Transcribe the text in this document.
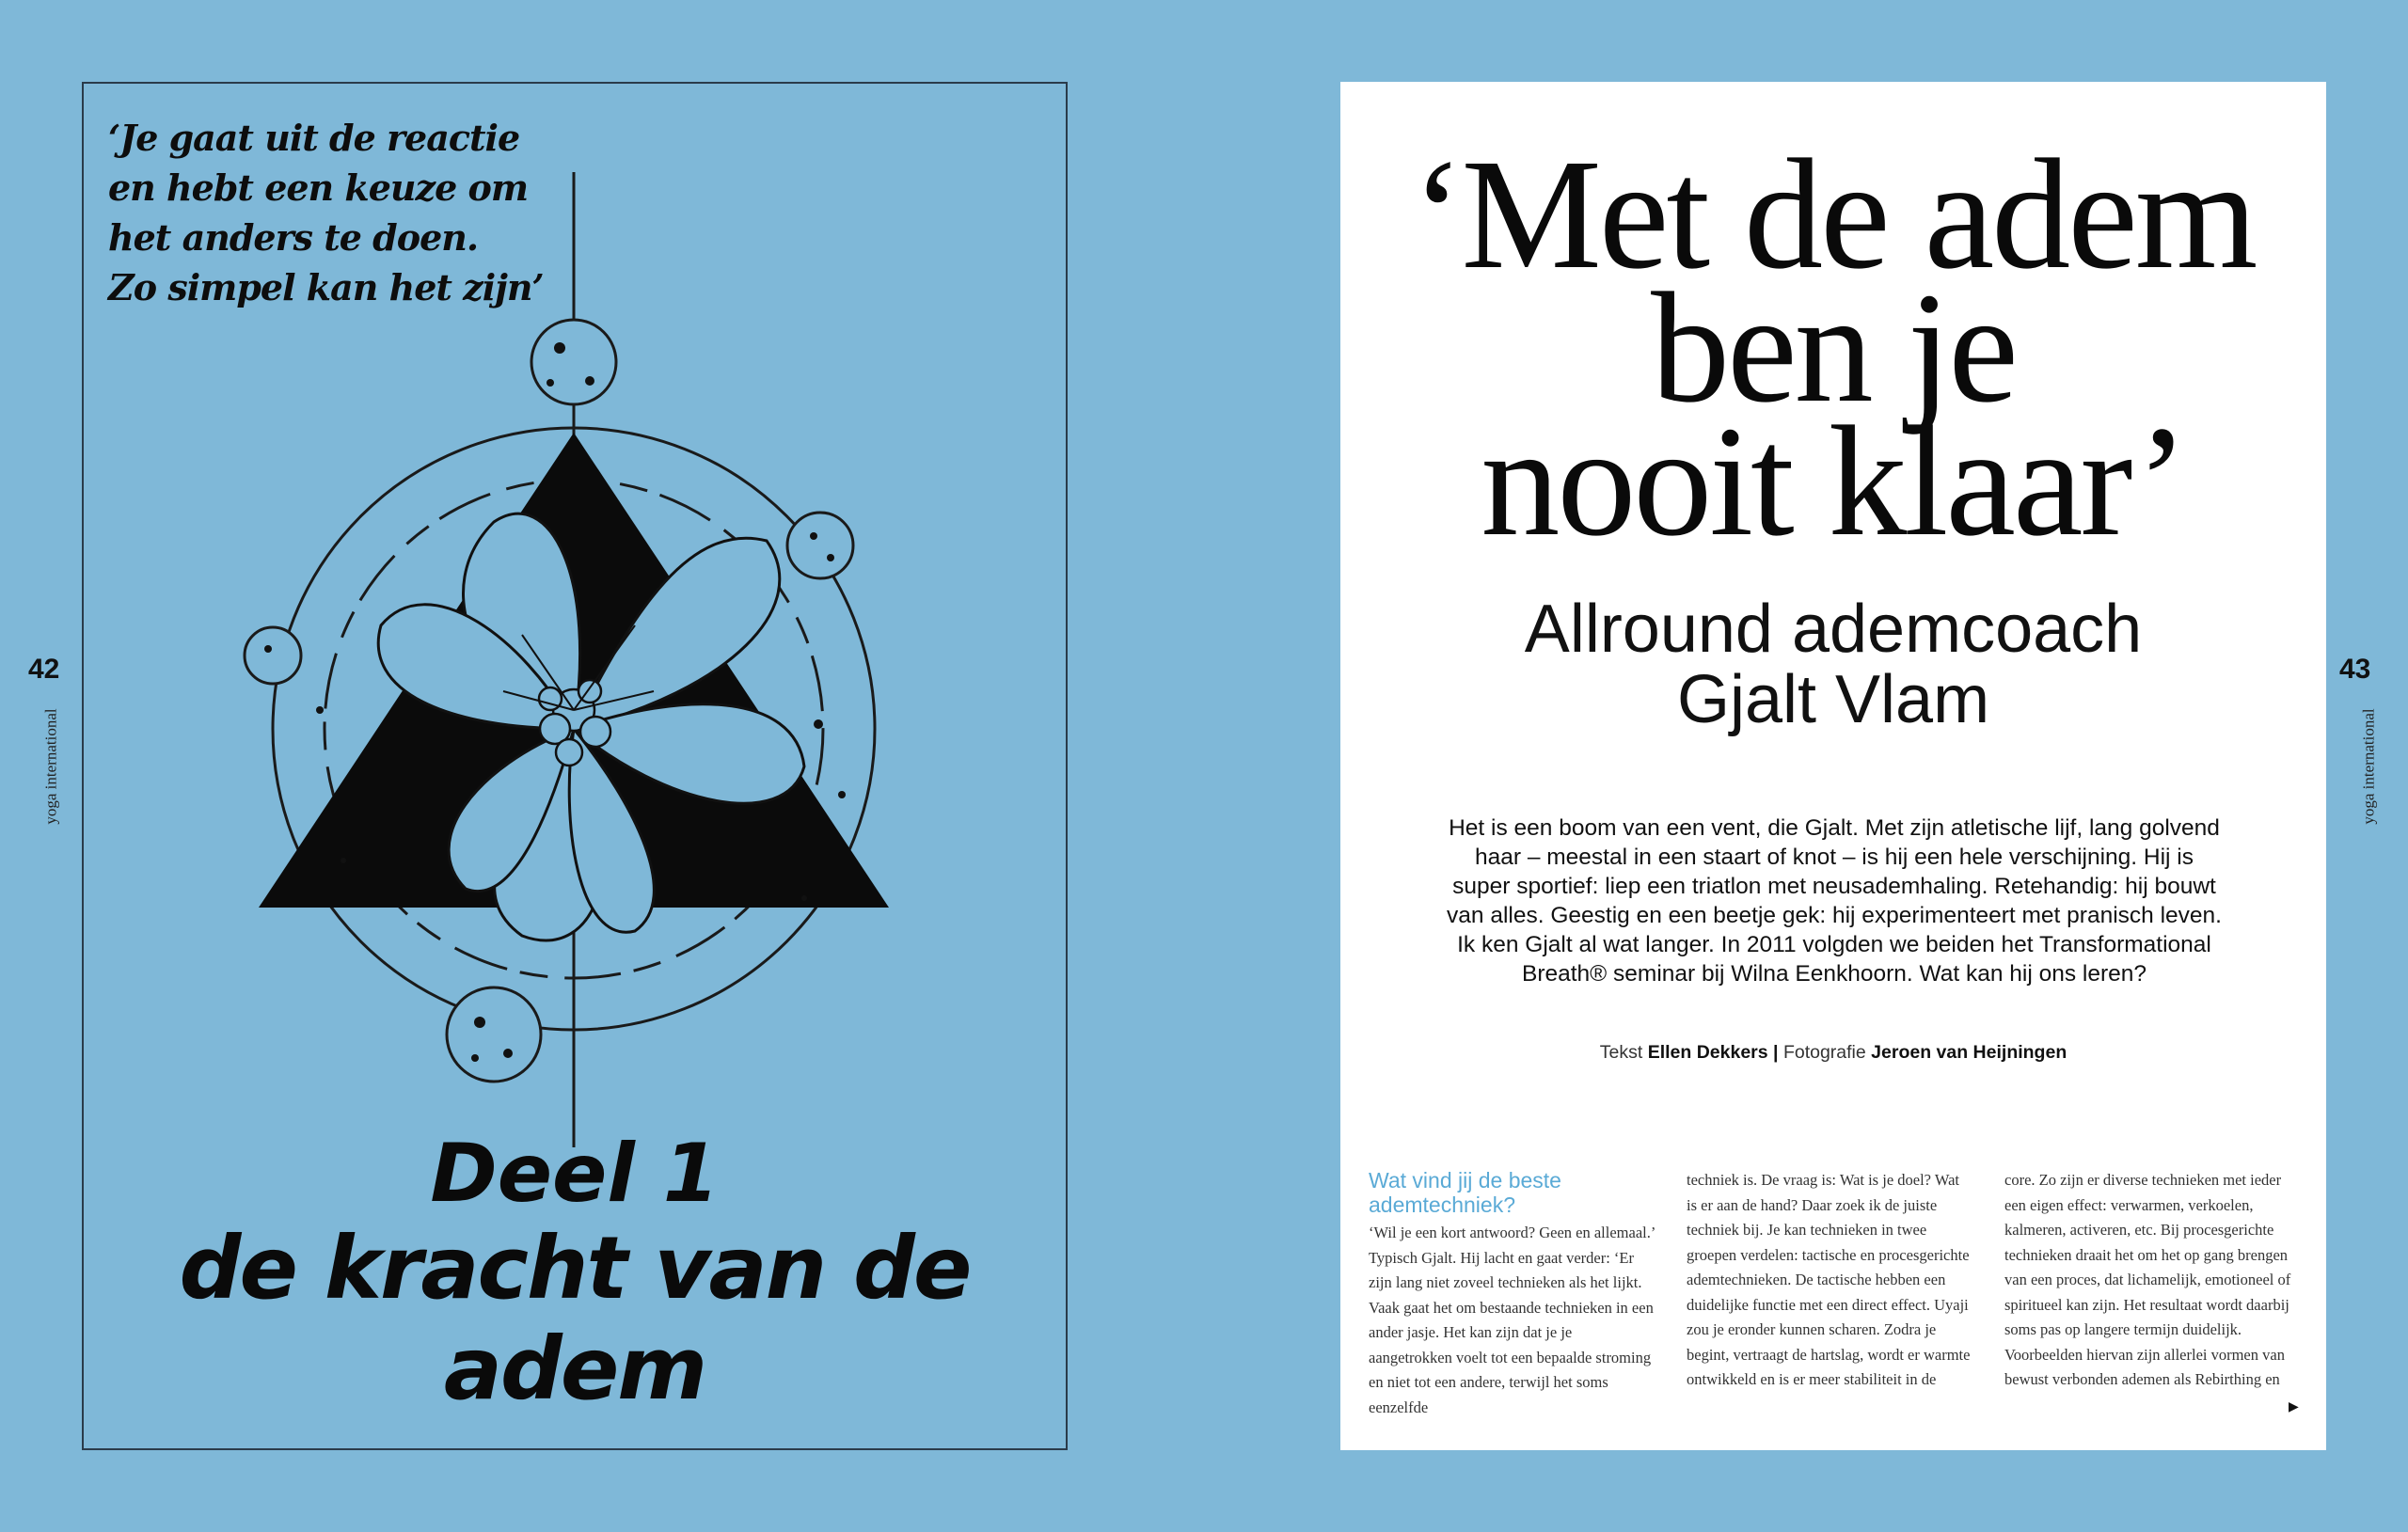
42
yoga international
43
yoga international
‘Je gaat uit de reactie
en hebt een keuze om
het anders te doen.
Zo simpel kan het zijn’
Deel 1
de kracht van de adem
‘Met de adem
ben je
nooit klaar’
Allround ademcoach
Gjalt Vlam

Het is een boom van een vent, die Gjalt. Met zijn atletische lijf, lang golvend haar – meestal in een staart of knot – is hij een hele verschijning. Hij is super sportief: liep een triatlon met neusademhaling. Retehandig: hij bouwt van alles. Geestig en een beetje gek: hij experimenteert met pranisch leven. Ik ken Gjalt al wat langer. In 2011 volgden we beiden het Transformational Breath® seminar bij Wilna Eenkhoorn. Wat kan hij ons leren?

Tekst Ellen Dekkers | Fotografie Jeroen van Heijningen
Wat vind jij de beste ademtechniek?

‘Wil je een kort antwoord? Geen en allemaal.’ Typisch Gjalt. Hij lacht en gaat verder: ‘Er zijn lang niet zoveel technieken als het lijkt. Vaak gaat het om bestaande technieken in een ander jasje. Het kan zijn dat je je aangetrokken voelt tot een bepaalde stroming en niet tot een andere, terwijl het soms eenzelfde

techniek is. De vraag is: Wat is je doel? Wat is er aan de hand? Daar zoek ik de juiste techniek bij. Je kan technieken in twee groepen verdelen: tactische en procesgerichte ademtechnieken. De tactische hebben een duidelijke functie met een direct effect. Uyaji zou je eronder kunnen scharen. Zodra je begint, vertraagt de hartslag, wordt er warmte ontwikkeld en is er meer stabiliteit in de

core. Zo zijn er diverse technieken met ieder een eigen effect: verwarmen, verkoelen, kalmeren, activeren, etc. Bij procesgerichte technieken draait het om het op gang brengen van een proces, dat lichamelijk, emotioneel of spiritueel kan zijn. Het resultaat wordt daarbij soms pas op langere termijn duidelijk. Voorbeelden hiervan zijn allerlei vormen van bewust verbonden ademen als Rebirthing en

▶
